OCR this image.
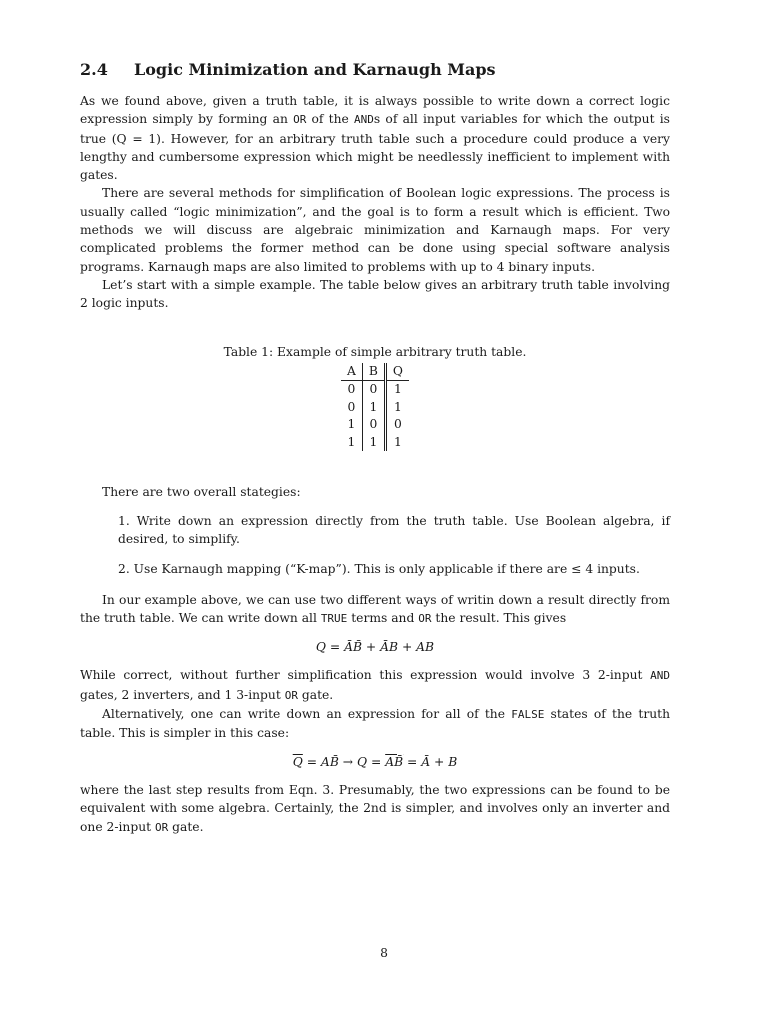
2.4	Logic Minimization and Karnaugh Maps

As we found above, given a truth table, it is always possible to write down a correct logic expression simply by forming an OR of the ANDs of all input variables for which the output is true (Q = 1). However, for an arbitrary truth table such a procedure could produce a very lengthy and cumbersome expression which might be needlessly inefficient to implement with gates.

There are several methods for simplification of Boolean logic expressions. The process is usually called “logic minimization”, and the goal is to form a result which is efficient. Two methods we will discuss are algebraic minimization and Karnaugh maps. For very complicated problems the former method can be done using special software analysis programs. Karnaugh maps are also limited to problems with up to 4 binary inputs.

Let’s start with a simple example. The table below gives an arbitrary truth table involving 2 logic inputs.

Table 1: Example of simple arbitrary truth table.
A	B	Q
0	0	1
0	1	1
1	0	0
1	1	1

There are two overall stategies:

1. Write down an expression directly from the truth table. Use Boolean algebra, if desired, to simplify.
2. Use Karnaugh mapping (“K-map”). This is only applicable if there are ≤ 4 inputs.

In our example above, we can use two different ways of writin down a result directly from the truth table. We can write down all TRUE terms and OR the result. This gives

Q = ĀB̄ + ĀB + AB

While correct, without further simplification this expression would involve 3 2-input AND gates, 2 inverters, and 1 3-input OR gate.

Alternatively, one can write down an expression for all of the FALSE states of the truth table. This is simpler in this case:

$\overline{Q}$ = AB̄ → Q = AB̄ = Ā + B

where the last step results from Eqn. 3. Presumably, the two expressions can be found to be equivalent with some algebra. Certainly, the 2nd is simpler, and involves only an inverter and one 2-input OR gate.

8
